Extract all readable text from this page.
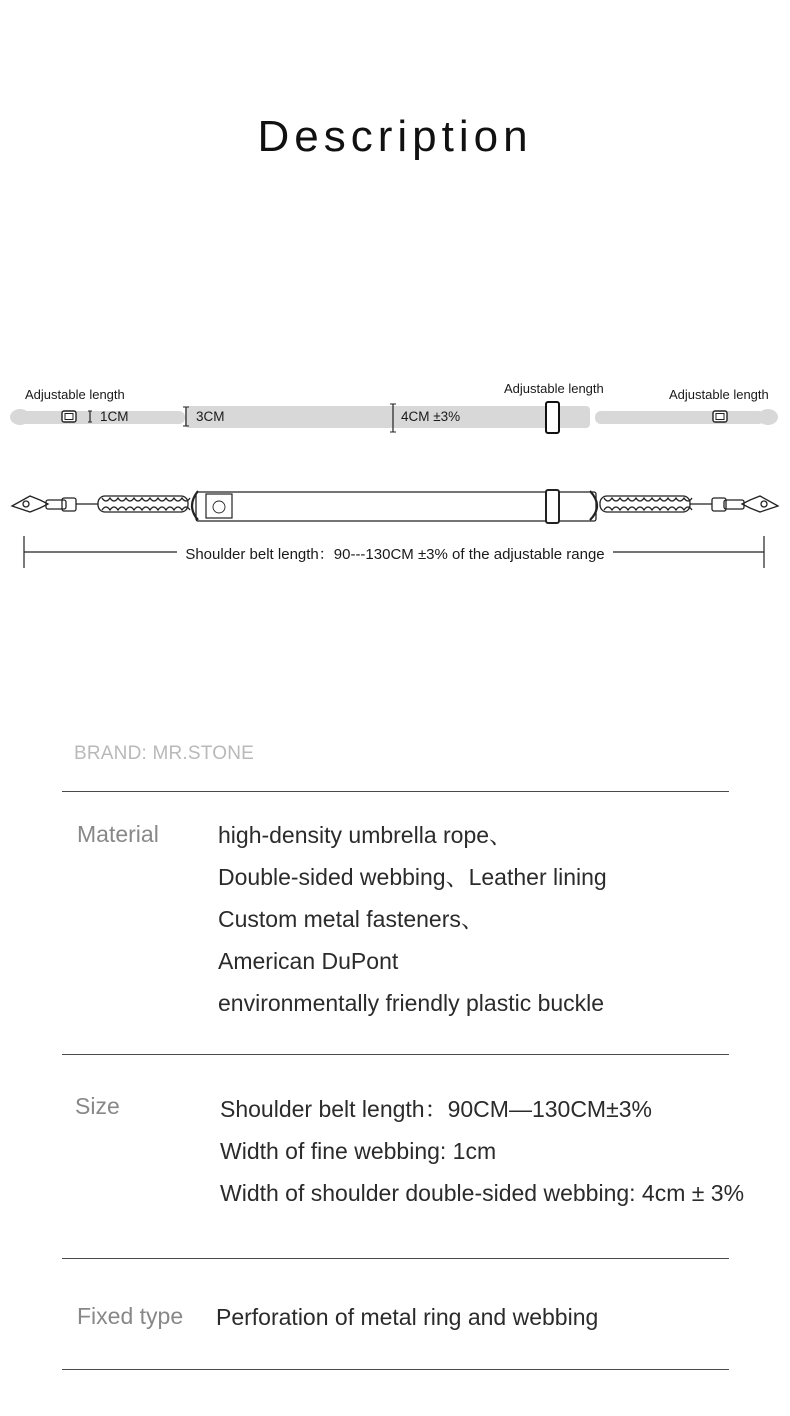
Description
Adjustable length	Adjustable length	Adjustable length
1CM	3CM	4CM ±3%
Shoulder belt length：90---130CM ±3% of the adjustable range
BRAND: MR.STONE
Material	high-density umbrella rope、
Double-sided webbing、Leather lining
Custom metal fasteners、
American DuPont
environmentally friendly plastic buckle
Size	Shoulder belt length：90CM—130CM±3%
Width of fine webbing: 1cm
Width of shoulder double-sided webbing: 4cm ± 3%
Fixed type Perforation of metal ring and webbing
